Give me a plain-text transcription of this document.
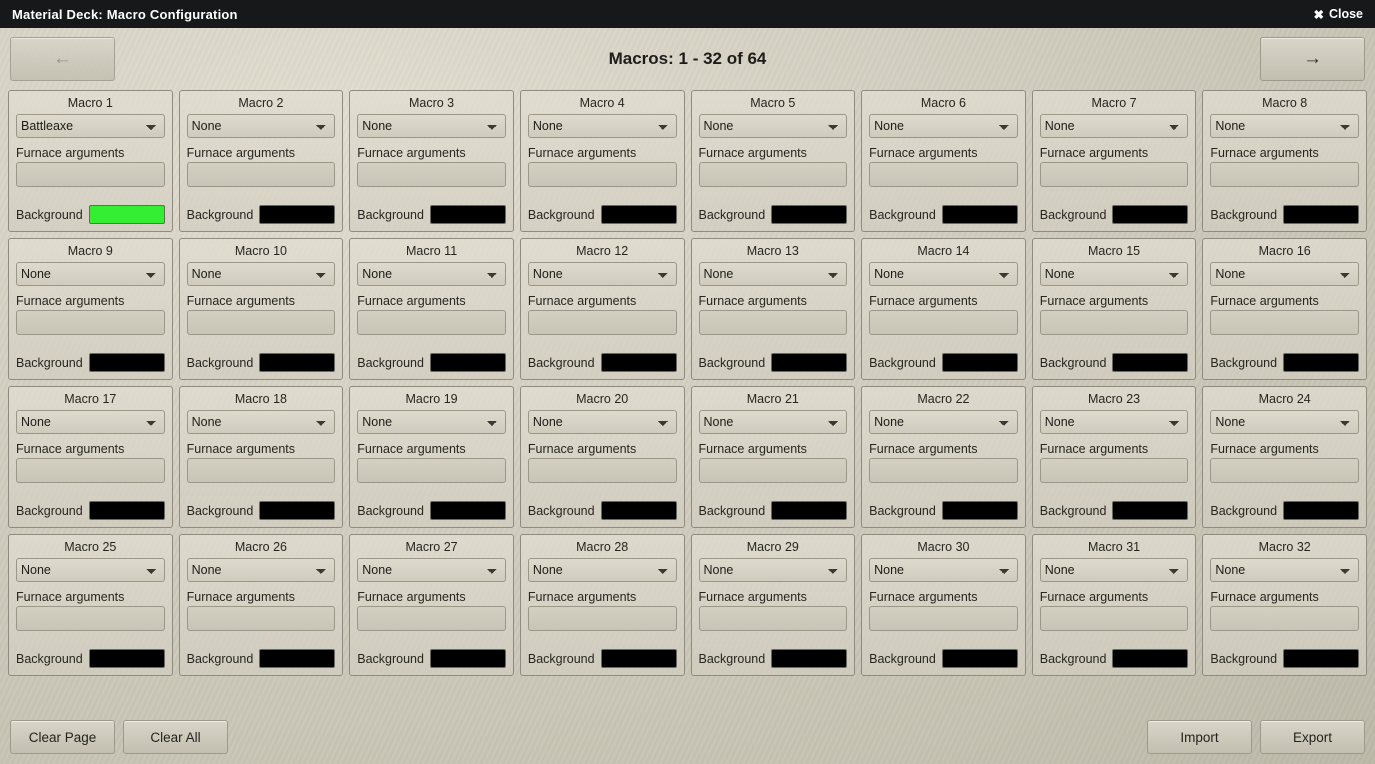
Material Deck: Macro Configuration	✖ Close
←	Macros: 1 - 32 of 64	→
Macro 1
Battleaxe
Furnace arguments
Background
Macro 2
None
Furnace arguments
Background
Macro 3
None
Furnace arguments
Background
Macro 4
None
Furnace arguments
Background
Macro 5
None
Furnace arguments
Background
Macro 6
None
Furnace arguments
Background
Macro 7
None
Furnace arguments
Background
Macro 8
None
Furnace arguments
Background
Macro 9
None
Furnace arguments
Background
Macro 10
None
Furnace arguments
Background
Macro 11
None
Furnace arguments
Background
Macro 12
None
Furnace arguments
Background
Macro 13
None
Furnace arguments
Background
Macro 14
None
Furnace arguments
Background
Macro 15
None
Furnace arguments
Background
Macro 16
None
Furnace arguments
Background
Macro 17
None
Furnace arguments
Background
Macro 18
None
Furnace arguments
Background
Macro 19
None
Furnace arguments
Background
Macro 20
None
Furnace arguments
Background
Macro 21
None
Furnace arguments
Background
Macro 22
None
Furnace arguments
Background
Macro 23
None
Furnace arguments
Background
Macro 24
None
Furnace arguments
Background
Macro 25
None
Furnace arguments
Background
Macro 26
None
Furnace arguments
Background
Macro 27
None
Furnace arguments
Background
Macro 28
None
Furnace arguments
Background
Macro 29
None
Furnace arguments
Background
Macro 30
None
Furnace arguments
Background
Macro 31
None
Furnace arguments
Background
Macro 32
None
Furnace arguments
Background
Clear Page	Clear All	Import	Export
